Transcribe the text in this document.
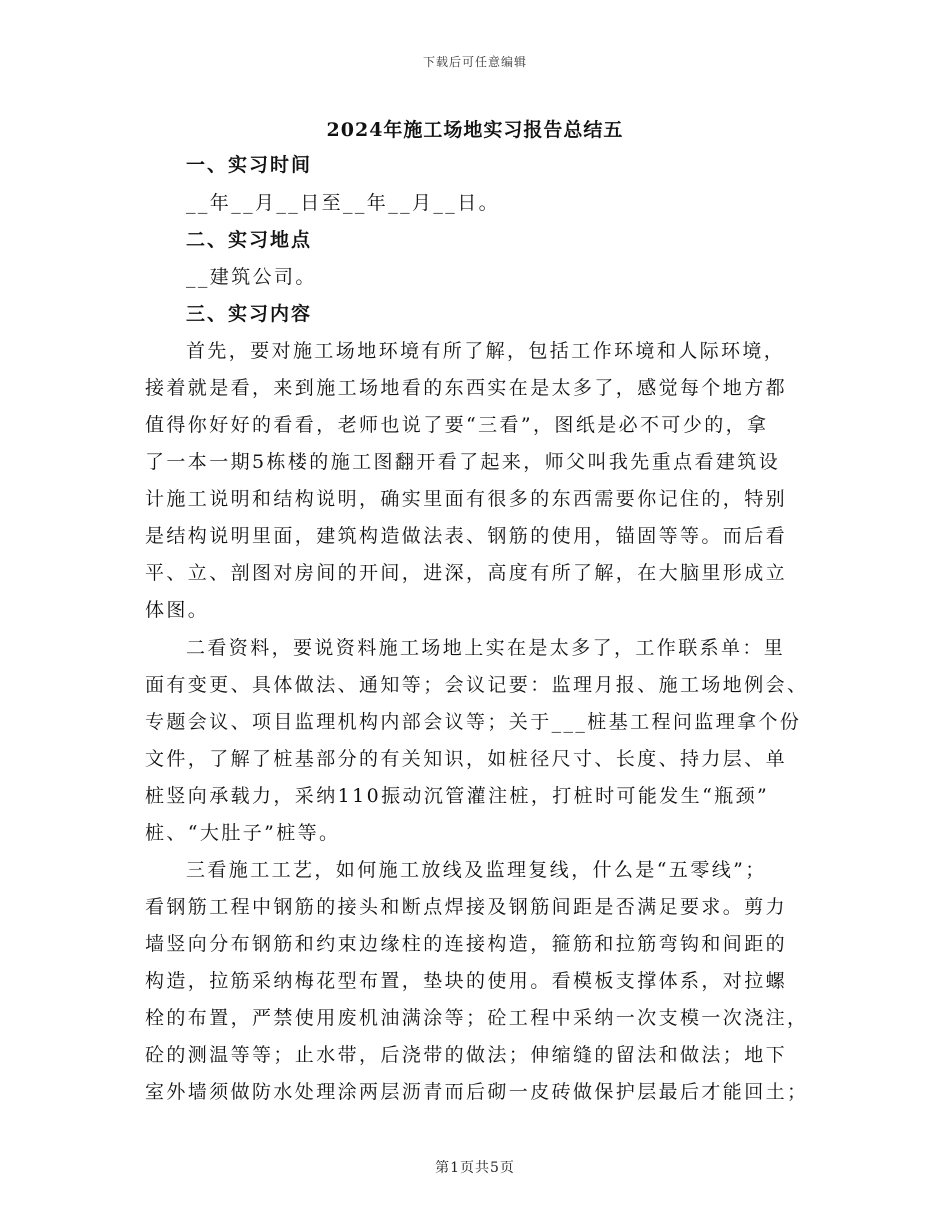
下载后可任意编辑
2024年施工场地实习报告总结五
一、实习时间
__年__月__日至__年__月__日。
二、实习地点
__建筑公司。
三、实习内容
首先，要对施工场地环境有所了解，包括工作环境和人际环境，
接着就是看，来到施工场地看的东西实在是太多了，感觉每个地方都
值得你好好的看看，老师也说了要“三看”，图纸是必不可少的，拿
了一本一期5栋楼的施工图翻开看了起来，师父叫我先重点看建筑设
计施工说明和结构说明，确实里面有很多的东西需要你记住的，特别
是结构说明里面，建筑构造做法表、钢筋的使用，锚固等等。而后看
平、立、剖图对房间的开间，进深，高度有所了解，在大脑里形成立
体图。
二看资料，要说资料施工场地上实在是太多了，工作联系单：里
面有变更、具体做法、通知等；会议记要：监理月报、施工场地例会、
专题会议、项目监理机构内部会议等；关于___桩基工程问监理拿个份
文件，了解了桩基部分的有关知识，如桩径尺寸、长度、持力层、单
桩竖向承载力，采纳110振动沉管灌注桩，打桩时可能发生“瓶颈”
桩、“大肚子”桩等。
三看施工工艺，如何施工放线及监理复线，什么是“五零线”；
看钢筋工程中钢筋的接头和断点焊接及钢筋间距是否满足要求。剪力
墙竖向分布钢筋和约束边缘柱的连接构造，箍筋和拉筋弯钩和间距的
构造，拉筋采纳梅花型布置，垫块的使用。看模板支撑体系，对拉螺
栓的布置，严禁使用废机油满涂等；砼工程中采纳一次支模一次浇注，
砼的测温等等；止水带，后浇带的做法；伸缩缝的留法和做法；地下
室外墙须做防水处理涂两层沥青而后砌一皮砖做保护层最后才能回土；
第1页共5页
